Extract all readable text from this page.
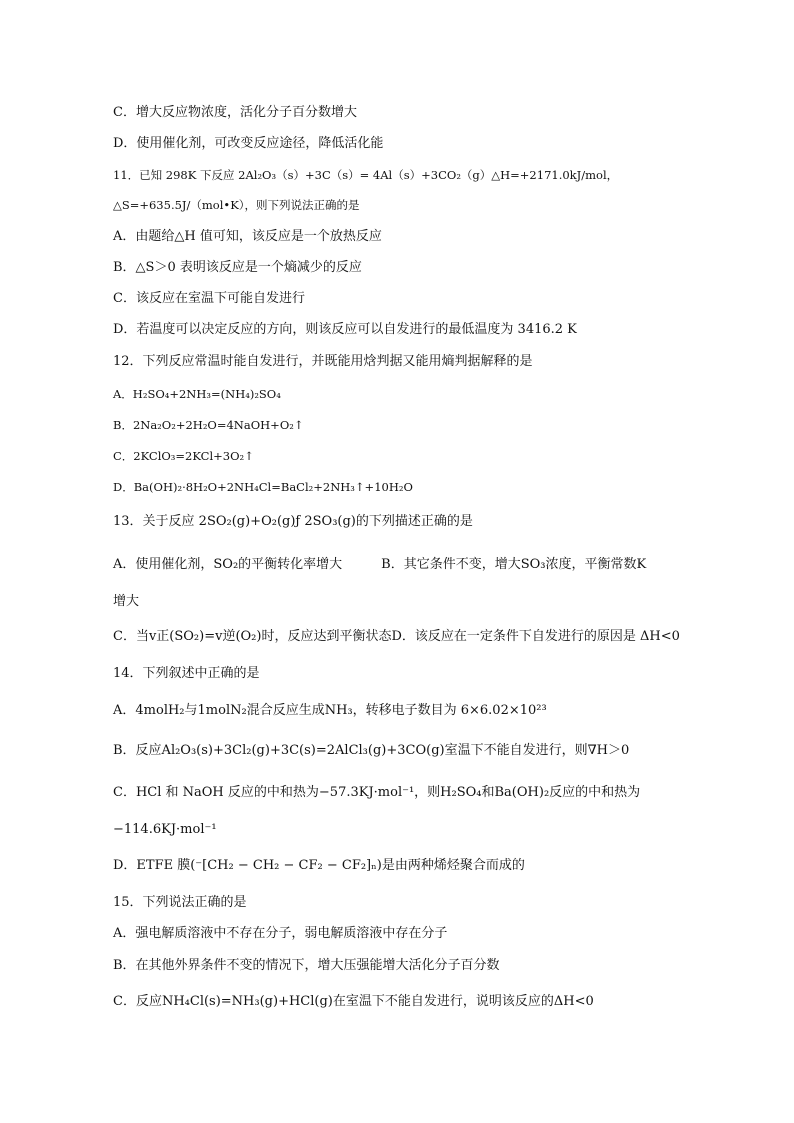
C．增大反应物浓度，活化分子百分数增大
D．使用催化剂，可改变反应途径，降低活化能
11．已知 298K 下反应 2Al₂O₃（s）+3C（s）= 4Al（s）+3CO₂（g）△H=+2171.0kJ/mol，
△S=+635.5J/（mol•K），则下列说法正确的是
A．由题给△H 值可知，该反应是一个放热反应
B．△S＞0 表明该反应是一个熵减少的反应
C．该反应在室温下可能自发进行
D．若温度可以决定反应的方向，则该反应可以自发进行的最低温度为 3416.2 K
12．下列反应常温时能自发进行，并既能用焓判据又能用熵判据解释的是
A．H₂SO₄+2NH₃=(NH₄)₂SO₄
B．2Na₂O₂+2H₂O=4NaOH+O₂↑
C．2KClO₃=2KCl+3O₂↑
D．Ba(OH)₂·8H₂O+2NH₄Cl=BaCl₂+2NH₃↑+10H₂O
13．关于反应 2SO₂(g)+O₂(g)ƒ 2SO₃(g)的下列描述正确的是
A．使用催化剂，SO₂的平衡转化率增大　　　B．其它条件不变，增大SO₃浓度，平衡常数K
增大
C．当v正(SO₂)=v逆(O₂)时，反应达到平衡状态D．该反应在一定条件下自发进行的原因是 ΔH<0
14．下列叙述中正确的是
A．4molH₂与1molN₂混合反应生成NH₃，转移电子数目为 6×6.02×10²³
B．反应Al₂O₃(s)+3Cl₂(g)+3C(s)=2AlCl₃(g)+3CO(g)室温下不能自发进行，则∇H＞0
C．HCl 和 NaOH 反应的中和热为−57.3KJ·mol⁻¹，则H₂SO₄和Ba(OH)₂反应的中和热为
−114.6KJ·mol⁻¹
D．ETFE 膜(⁻[CH₂ − CH₂ − CF₂ − CF₂]ₙ)是由两种烯烃聚合而成的
15．下列说法正确的是
A．强电解质溶液中不存在分子，弱电解质溶液中存在分子
B．在其他外界条件不变的情况下，增大压强能增大活化分子百分数
C．反应NH₄Cl(s)=NH₃(g)+HCl(g)在室温下不能自发进行，说明该反应的ΔH<0
